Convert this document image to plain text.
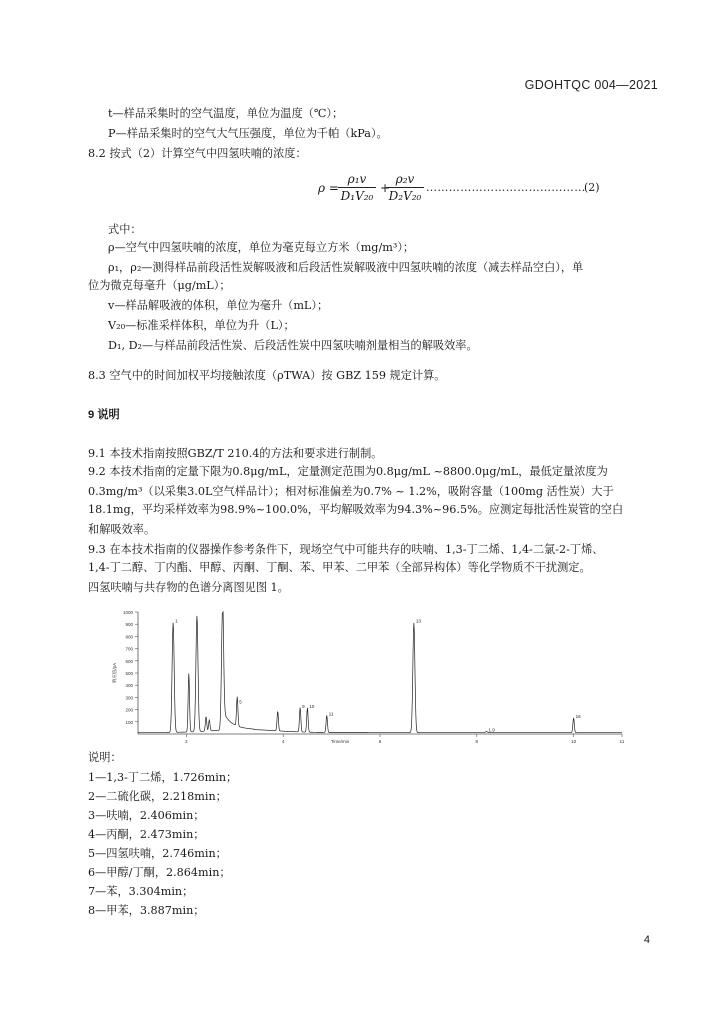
GDOHTQC 004—2021
t—样品采集时的空气温度，单位为温度（℃）；
P—样品采集时的空气大气压强度，单位为千帕（kPa）。
8.2 按式（2）计算空气中四氢呋喃的浓度：
$\rho = \frac{\text{ρ₁v}}{\text{D₁V₂₀}}$ +
$\frac{\text{ρ₂v}}{\text{D₂V₂₀}}$ ……………………………………
(2)
式中：
ρ—空气中四氢呋喃的浓度，单位为毫克每立方米（mg/m³）；
ρ₁，ρ₂—测得样品前段活性炭解吸液和后段活性炭解吸液中四氢呋喃的浓度（减去样品空白），单
位为微克每毫升（μg/mL）；
v—样品解吸液的体积，单位为毫升（mL）；
V₂₀—标准采样体积，单位为升（L）；
D₁, D₂—与样品前段活性炭、后段活性炭中四氢呋喃剂量相当的解吸效率。
8.3 空气中的时间加权平均接触浓度（ρTWA）按 GBZ 159 规定计算。
9 说明
9.1 本技术指南按照GBZ/T 210.4的方法和要求进行制制。
9.2 本技术指南的定量下限为0.8μg/mL，定量测定范围为0.8μg/mL ~8800.0μg/mL，最低定量浓度为
0.3mg/m³（以采集3.0L空气样品计）；相对标准偏差为0.7% ~ 1.2%，吸附容量（100mg 活性炭）大于
18.1mg，平均采样效率为98.9%~100.0%，平均解吸效率为94.3%~96.5%。应测定每批活性炭管的空白
和解吸效率。
9.3 在本技术指南的仪器操作参考条件下，现场空气中可能共存的呋喃、1,3-丁二烯、1,4-二氯-2-丁烯、
1,4-丁二醇、丁内酯、甲醇、丙酮、丁酮、苯、甲苯、二甲苯（全部异构体）等化学物质不干扰测定。
四氢呋喃与共存物的色谱分离图见图 1。
100
200
300
400
500
600
700
800
900
1000
2	4	6	8	10	11
Time/min
响应值/pA
1
5
9 10
11
13
1.9
16
说明：
1—1,3-丁二烯，1.726min；
2—二硫化碳，2.218min；
3—呋喃，2.406min；
4—丙酮，2.473min；
5—四氢呋喃，2.746min；
6—甲醇/丁酮，2.864min；
7—苯，3.304min；
8—甲苯，3.887min；
4
